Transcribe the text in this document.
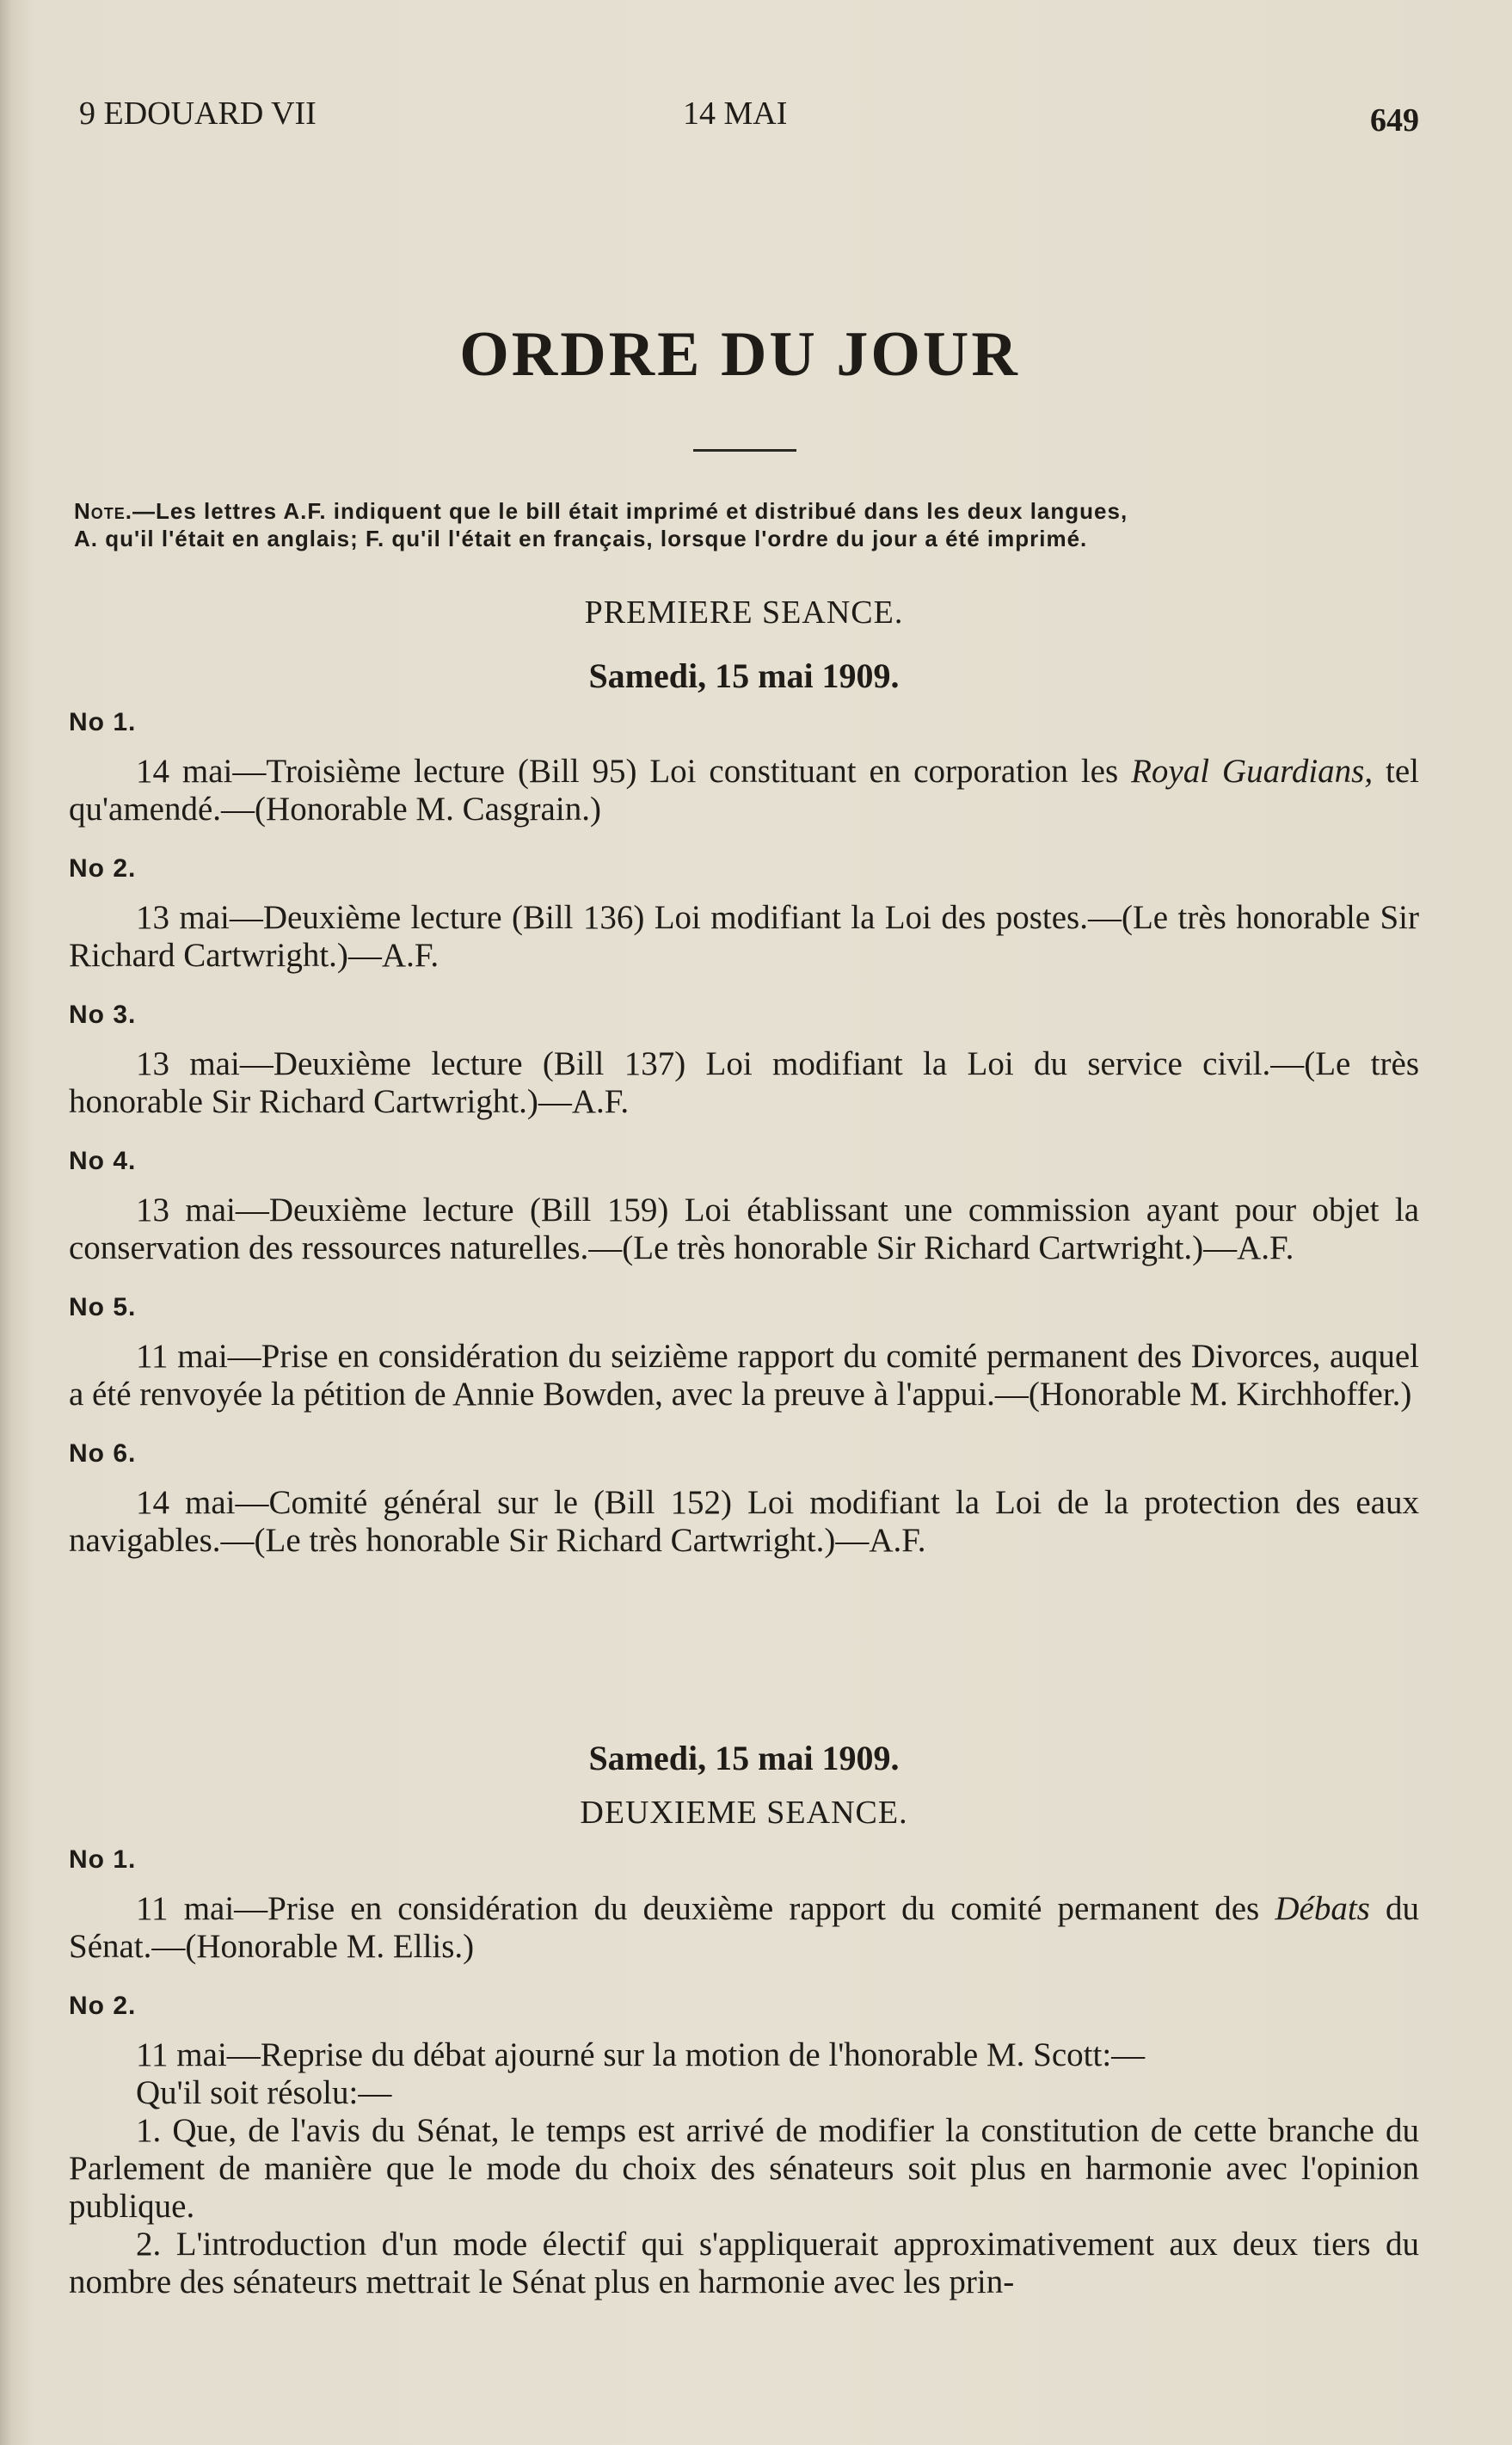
9 EDOUARD VII	14 MAI	649
ORDRE DU JOUR

Note.—Les lettres A.F. indiquent que le bill était imprimé et distribué dans les deux langues,

A. qu'il l'était en anglais; F. qu'il l'était en français, lorsque l'ordre du jour a été imprimé.

PREMIERE SEANCE.

Samedi, 15 mai 1909.

No 1.

14 mai—Troisième lecture (Bill 95) Loi constituant en corporation les Royal Guardians, tel qu'amendé.—(Honorable M. Casgrain.)

No 2.

13 mai—Deuxième lecture (Bill 136) Loi modifiant la Loi des postes.—(Le très honorable Sir Richard Cartwright.)—A.F.

No 3.

13 mai—Deuxième lecture (Bill 137) Loi modifiant la Loi du service civil.—(Le très honorable Sir Richard Cartwright.)—A.F.

No 4.

13 mai—Deuxième lecture (Bill 159) Loi établissant une commission ayant pour objet la conservation des ressources naturelles.—(Le très honorable Sir Richard Cartwright.)—A.F.

No 5.

11 mai—Prise en considération du seizième rapport du comité permanent des Divorces, auquel a été renvoyée la pétition de Annie Bowden, avec la preuve à l'appui.—(Honorable M. Kirchhoffer.)

No 6.

14 mai—Comité général sur le (Bill 152) Loi modifiant la Loi de la protection des eaux navigables.—(Le très honorable Sir Richard Cartwright.)—A.F.

Samedi, 15 mai 1909.

DEUXIEME SEANCE.

No 1.

11 mai—Prise en considération du deuxième rapport du comité permanent des Débats du Sénat.—(Honorable M. Ellis.)

No 2.

11 mai—Reprise du débat ajourné sur la motion de l'honorable M. Scott:—

Qu'il soit résolu:—

1. Que, de l'avis du Sénat, le temps est arrivé de modifier la constitution de cette branche du Parlement de manière que le mode du choix des sénateurs soit plus en harmonie avec l'opinion publique.

2. L'introduction d'un mode électif qui s'appliquerait approximativement aux deux tiers du nombre des sénateurs mettrait le Sénat plus en harmonie avec les prin-
